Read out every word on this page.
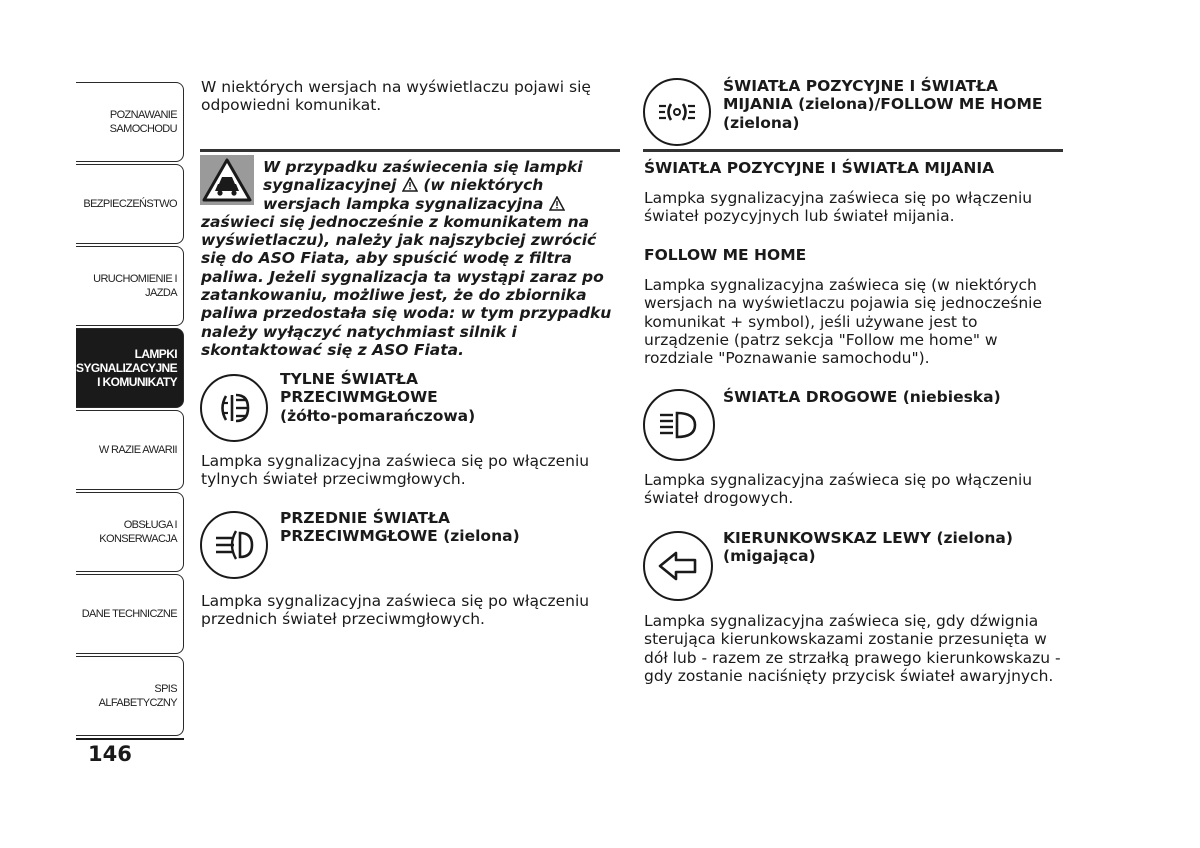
POZNAWANIE
SAMOCHODU
BEZPIECZEŃSTWO
URUCHOMIENIE I
JAZDA
LAMPKI
SYGNALIZACYJNE
I KOMUNIKATY
W RAZIE AWARII
OBSŁUGA I
KONSERWACJA
DANE TECHNICZNE
SPIS ALFABETYCZNY
146

W niektórych wersjach na wyświetlaczu pojawi się odpowiedni komunikat.

W przypadku zaświecenia się lampki sygnalizacyjnej (w niektórych wersjach lampka sygnalizacyjna
zaświeci się jednocześnie z komunikatem na wyświetlaczu), należy jak najszybciej zwrócić się do ASO Fiata, aby spuścić wodę z filtra paliwa. Jeżeli sygnalizacja ta wystąpi zaraz po zatankowaniu, możliwe jest, że do zbiornika paliwa przedostała się woda: w tym przypadku należy wyłączyć natychmiast silnik i skontaktować się z ASO Fiata.
TYLNE ŚWIATŁA PRZECIWMGŁOWE
(żółto-pomarańczowa)

Lampka sygnalizacyjna zaświeca się po włączeniu tylnych świateł przeciwmgłowych.

PRZEDNIE ŚWIATŁA PRZECIWMGŁOWE (zielona)

Lampka sygnalizacyjna zaświeca się po włączeniu przednich świateł przeciwmgłowych.

ŚWIATŁA POZYCYJNE I ŚWIATŁA MIJANIA (zielona)/FOLLOW ME HOME (zielona)
ŚWIATŁA POZYCYJNE I ŚWIATŁA MIJANIA

Lampka sygnalizacyjna zaświeca się po włączeniu świateł pozycyjnych lub świateł mijania.

FOLLOW ME HOME

Lampka sygnalizacyjna zaświeca się (w niektórych wersjach na wyświetlaczu pojawia się jednocześnie komunikat + symbol), jeśli używane jest to urządzenie (patrz sekcja "Follow me home" w rozdziale "Poznawanie samochodu").

ŚWIATŁA DROGOWE (niebieska)

Lampka sygnalizacyjna zaświeca się po włączeniu świateł drogowych.

KIERUNKOWSKAZ LEWY (zielona) (migająca)

Lampka sygnalizacyjna zaświeca się, gdy dźwignia sterująca kierunkowskazami zostanie przesunięta w dół lub - razem ze strzałką prawego kierunkowskazu - gdy zostanie naciśnięty przycisk świateł awaryjnych.
